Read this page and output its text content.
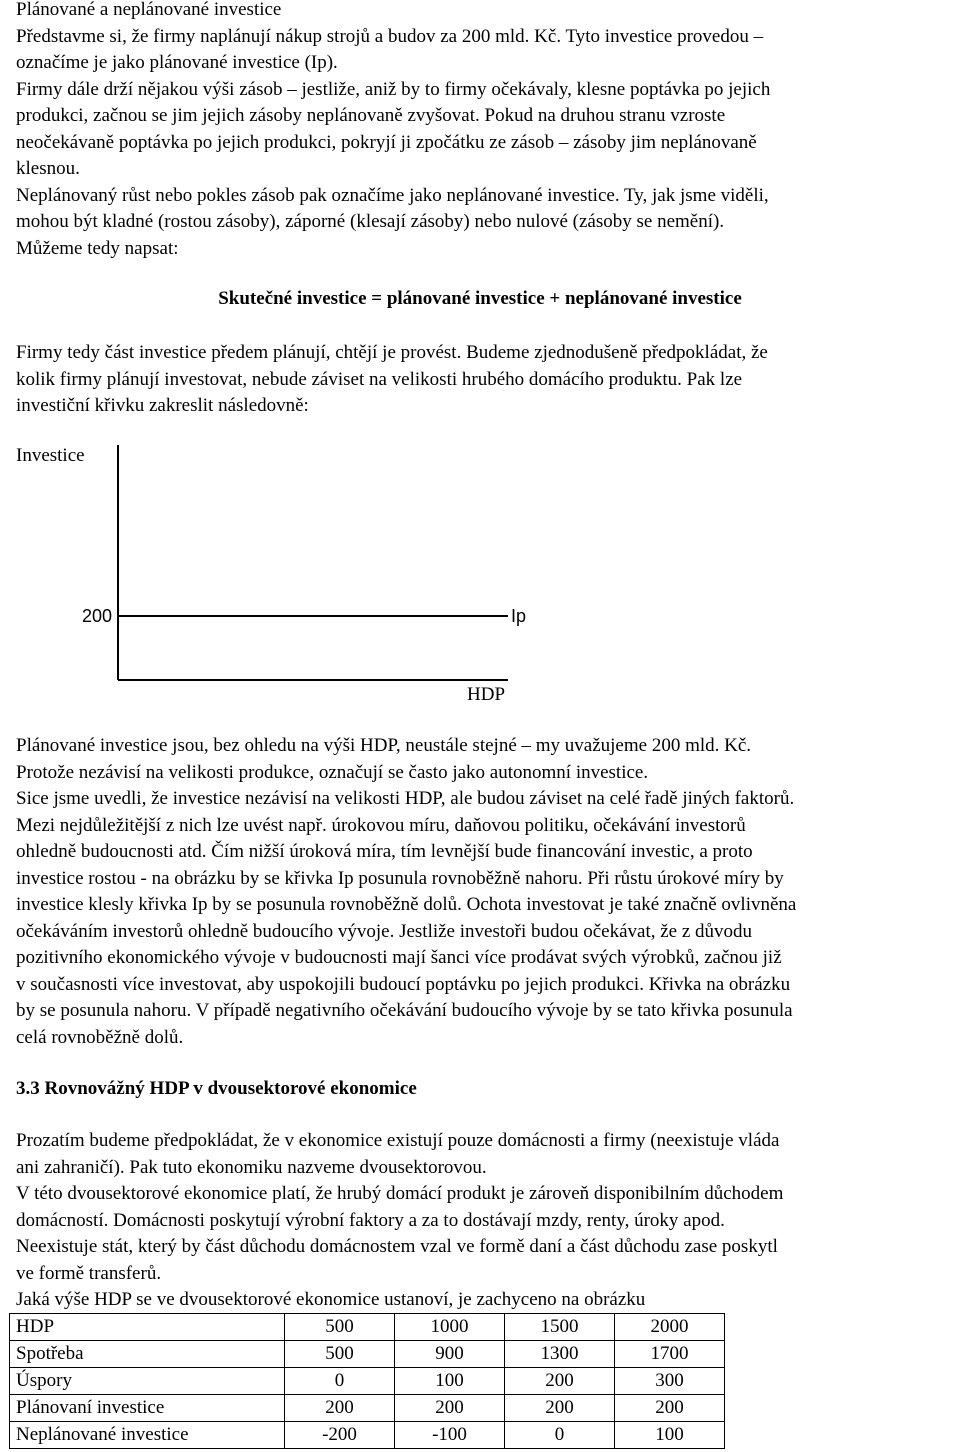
Plánované a neplánované investice

Představme si, že firmy naplánují nákup strojů a budov za 200 mld. Kč. Tyto investice provedou –

označíme je jako plánované investice (Ip).

Firmy dále drží nějakou výši zásob – jestliže, aniž by to firmy očekávaly, klesne poptávka po jejich

produkci, začnou se jim jejich zásoby neplánovaně zvyšovat. Pokud na druhou stranu vzroste

neočekávaně poptávka po jejich produkci, pokryjí ji zpočátku ze zásob – zásoby jim neplánovaně

klesnou.

Neplánovaný růst nebo pokles zásob pak označíme jako neplánované investice. Ty, jak jsme viděli,

mohou být kladné (rostou zásoby), záporné (klesají zásoby) nebo nulové (zásoby se nemění).

Můžeme tedy napsat:

Skutečné investice = plánované investice + neplánované investice

Firmy tedy část investice předem plánují, chtějí je provést. Budeme zjednodušeně předpokládat, že

kolik firmy plánují investovat, nebude záviset na velikosti hrubého domácího produktu. Pak lze

investiční křivku zakreslit následovně:

Investice
200	Ip
HDP

Plánované investice jsou, bez ohledu na výši HDP, neustále stejné – my uvažujeme 200 mld. Kč.

Protože nezávisí na velikosti produkce, označují se často jako autonomní investice.

Sice jsme uvedli, že investice nezávisí na velikosti HDP, ale budou záviset na celé řadě jiných faktorů.

Mezi nejdůležitější z nich lze uvést např. úrokovou míru, daňovou politiku, očekávání investorů

ohledně budoucnosti atd. Čím nižší úroková míra, tím levnější bude financování investic, a proto

investice rostou - na obrázku by se křivka Ip posunula rovnoběžně nahoru. Při růstu úrokové míry by

investice klesly křivka Ip by se posunula rovnoběžně dolů. Ochota investovat je také značně ovlivněna

očekáváním investorů ohledně budoucího vývoje. Jestliže investoři budou očekávat, že z důvodu

pozitivního ekonomického vývoje v budoucnosti mají šanci více prodávat svých výrobků, začnou již

v současnosti více investovat, aby uspokojili budoucí poptávku po jejich produkci. Křivka na obrázku

by se posunula nahoru. V případě negativního očekávání budoucího vývoje by se tato křivka posunula

celá rovnoběžně dolů.

3.3 Rovnovážný HDP v dvousektorové ekonomice

Prozatím budeme předpokládat, že v ekonomice existují pouze domácnosti a firmy (neexistuje vláda

ani zahraničí). Pak tuto ekonomiku nazveme dvousektorovou.

V této dvousektorové ekonomice platí, že hrubý domácí produkt je zároveň disponibilním důchodem

domácností. Domácnosti poskytují výrobní faktory a za to dostávají mzdy, renty, úroky apod.

Neexistuje stát, který by část důchodu domácnostem vzal ve formě daní a část důchodu zase poskytl

ve formě transferů.

Jaká výše HDP se ve dvousektorové ekonomice ustanoví, je zachyceno na obrázku

HDP	500	1000	1500	2000
Spotřeba	500	900	1300	1700
Úspory	0	100	200	300
Plánovaní investice	200	200	200	200
Neplánované investice	-200	-100	0	100
